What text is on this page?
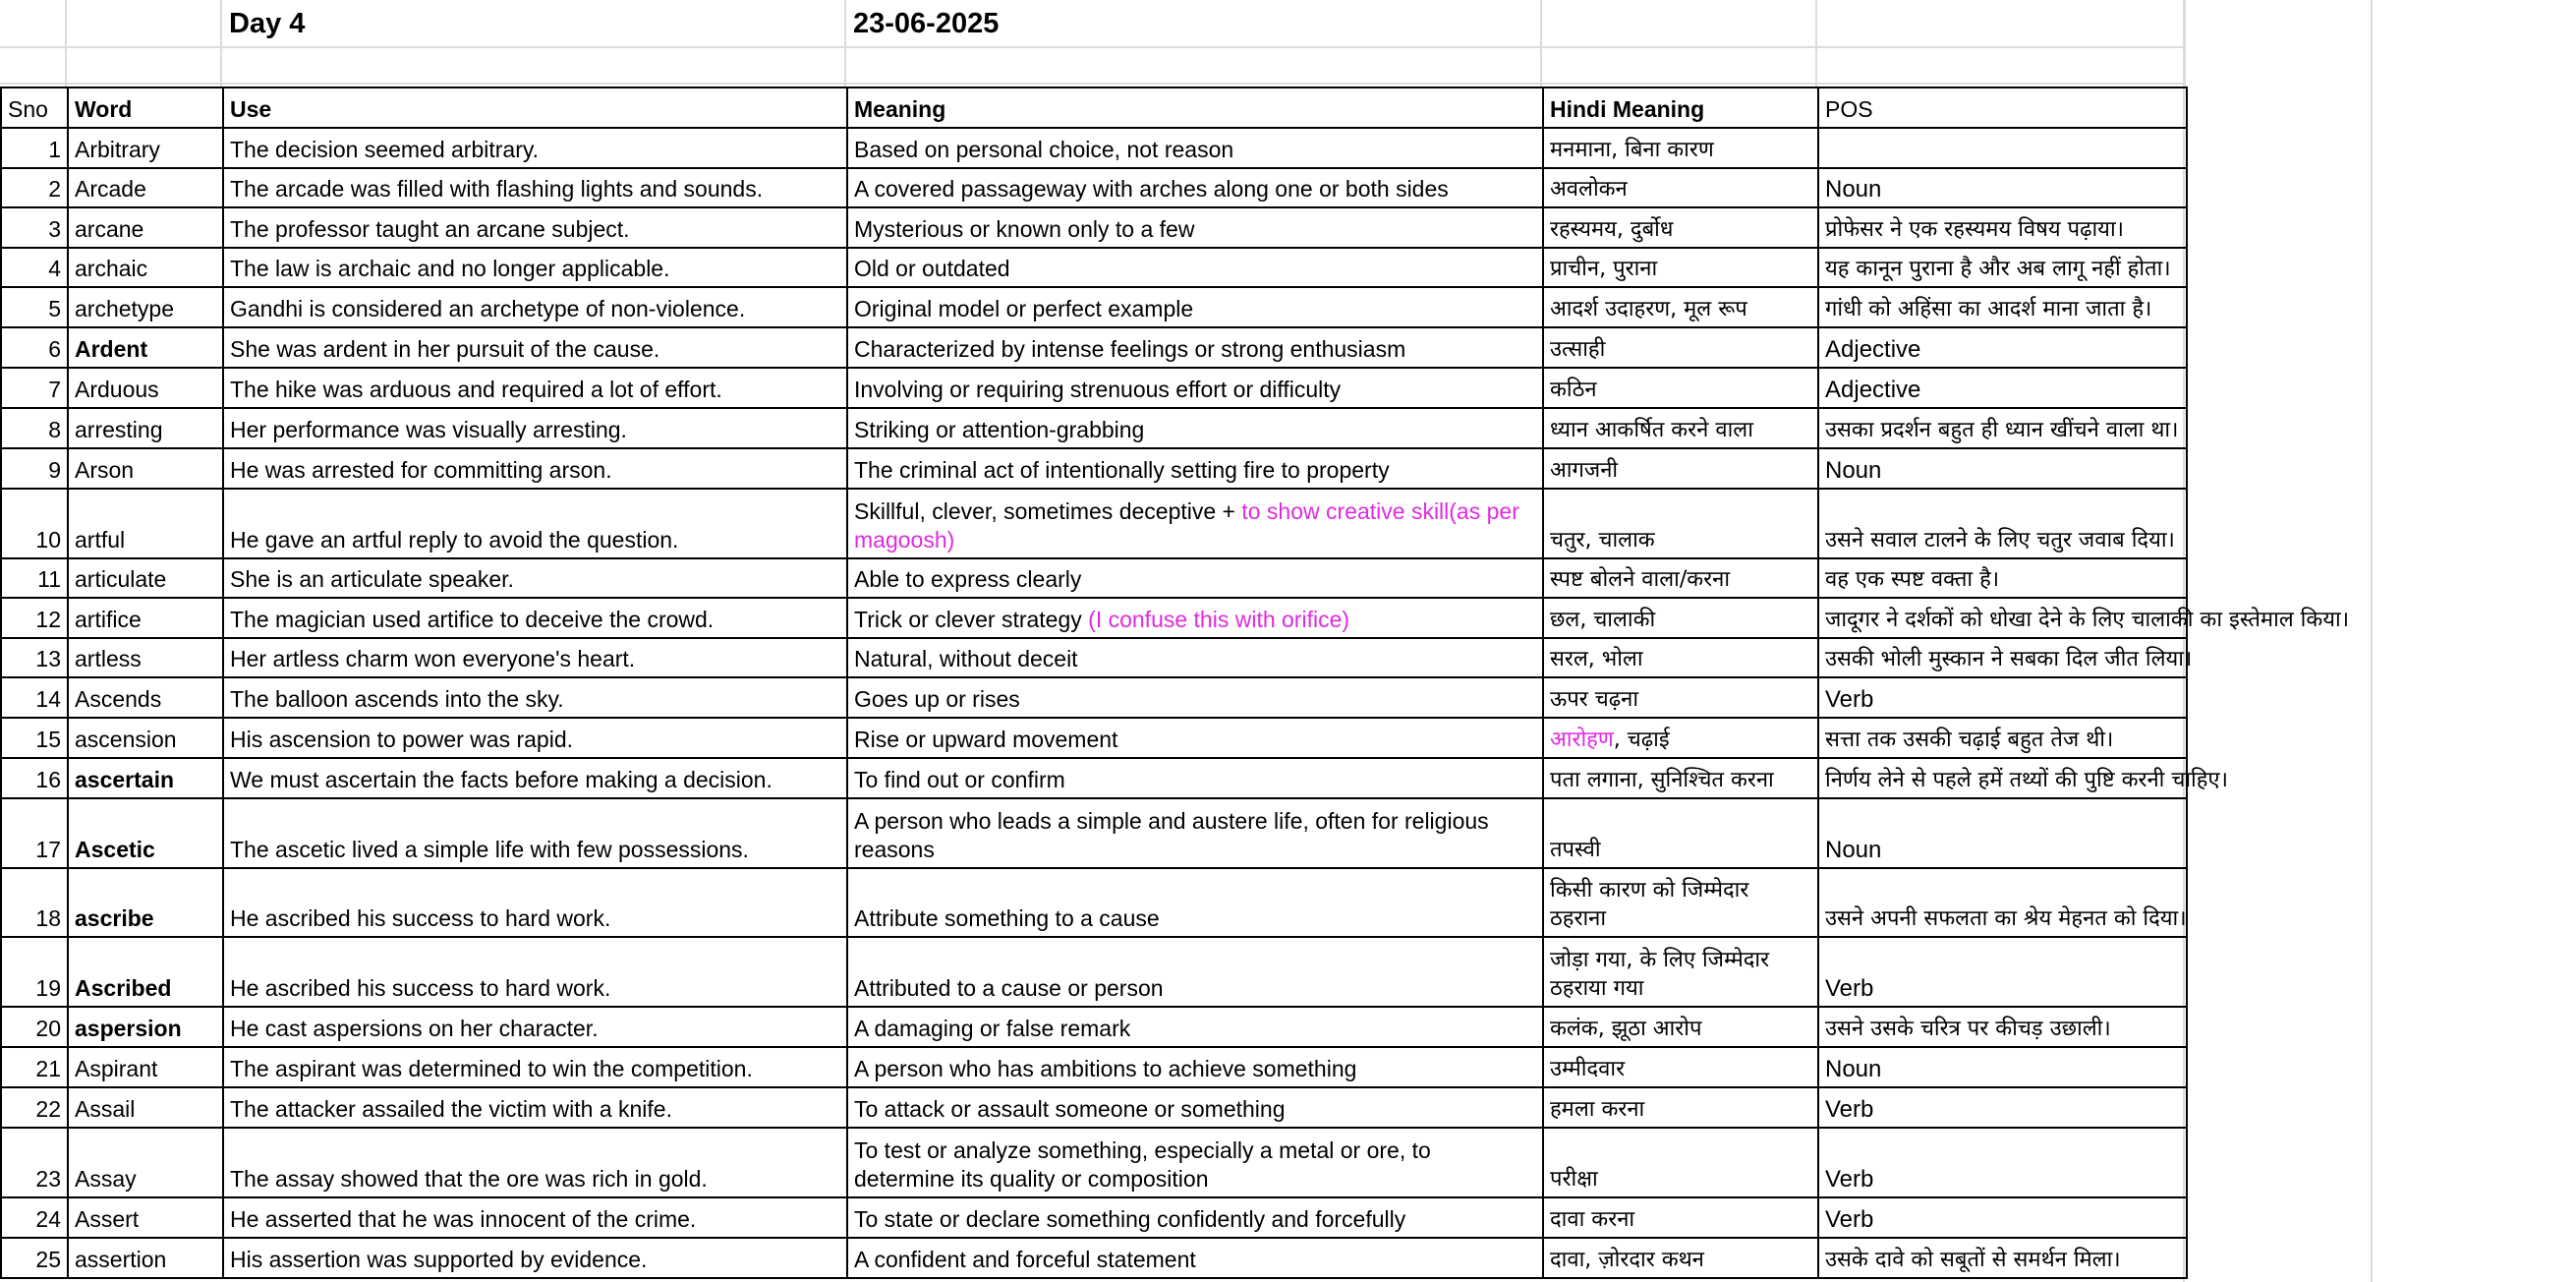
Day 4	23-06-2025
Sno	Word	Use	Meaning	Hindi Meaning	POS
1	Arbitrary	The decision seemed arbitrary.	Based on personal choice, not reason	मनमाना, बिना कारण	
2	Arcade	The arcade was filled with flashing lights and sounds.	A covered passageway with arches along one or both sides	अवलोकन	Noun
3	arcane	The professor taught an arcane subject.	Mysterious or known only to a few	रहस्यमय, दुर्बोध	प्रोफेसर ने एक रहस्यमय विषय पढ़ाया।
4	archaic	The law is archaic and no longer applicable.	Old or outdated	प्राचीन, पुराना	यह कानून पुराना है और अब लागू नहीं होता।
5	archetype	Gandhi is considered an archetype of non-violence.	Original model or perfect example	आदर्श उदाहरण, मूल रूप	गांधी को अहिंसा का आदर्श माना जाता है।
6	Ardent	She was ardent in her pursuit of the cause.	Characterized by intense feelings or strong enthusiasm	उत्साही	Adjective
7	Arduous	The hike was arduous and required a lot of effort.	Involving or requiring strenuous effort or difficulty	कठिन	Adjective
8	arresting	Her performance was visually arresting.	Striking or attention-grabbing	ध्यान आकर्षित करने वाला	उसका प्रदर्शन बहुत ही ध्यान खींचने वाला था।
9	Arson	He was arrested for committing arson.	The criminal act of intentionally setting fire to property	आगजनी	Noun
10	artful	He gave an artful reply to avoid the question.	Skillful, clever, sometimes deceptive + to show creative skill(as per magoosh)	चतुर, चालाक	उसने सवाल टालने के लिए चतुर जवाब दिया।
11	articulate	She is an articulate speaker.	Able to express clearly	स्पष्ट बोलने वाला/करना	वह एक स्पष्ट वक्ता है।
12	artifice	The magician used artifice to deceive the crowd.	Trick or clever strategy (I confuse this with orifice)	छल, चालाकी	जादूगर ने दर्शकों को धोखा देने के लिए चालाकी का इस्तेमाल किया।
13	artless	Her artless charm won everyone's heart.	Natural, without deceit	सरल, भोला	उसकी भोली मुस्कान ने सबका दिल जीत लिया।
14	Ascends	The balloon ascends into the sky.	Goes up or rises	ऊपर चढ़ना	Verb
15	ascension	His ascension to power was rapid.	Rise or upward movement	आरोहण, चढ़ाई	सत्ता तक उसकी चढ़ाई बहुत तेज थी।
16	ascertain	We must ascertain the facts before making a decision.	To find out or confirm	पता लगाना, सुनिश्चित करना	निर्णय लेने से पहले हमें तथ्यों की पुष्टि करनी चाहिए।
17	Ascetic	The ascetic lived a simple life with few possessions.	A person who leads a simple and austere life, often for religious reasons	तपस्वी	Noun
18	ascribe	He ascribed his success to hard work.	Attribute something to a cause	किसी कारण को जिम्मेदार ठहराना	उसने अपनी सफलता का श्रेय मेहनत को दिया।
19	Ascribed	He ascribed his success to hard work.	Attributed to a cause or person	जोड़ा गया, के लिए जिम्मेदार ठहराया गया	Verb
20	aspersion	He cast aspersions on her character.	A damaging or false remark	कलंक, झूठा आरोप	उसने उसके चरित्र पर कीचड़ उछाली।
21	Aspirant	The aspirant was determined to win the competition.	A person who has ambitions to achieve something	उम्मीदवार	Noun
22	Assail	The attacker assailed the victim with a knife.	To attack or assault someone or something	हमला करना	Verb
23	Assay	The assay showed that the ore was rich in gold.	To test or analyze something, especially a metal or ore, to determine its quality or composition	परीक्षा	Verb
24	Assert	He asserted that he was innocent of the crime.	To state or declare something confidently and forcefully	दावा करना	Verb
25	assertion	His assertion was supported by evidence.	A confident and forceful statement	दावा, ज़ोरदार कथन	उसके दावे को सबूतों से समर्थन मिला।
